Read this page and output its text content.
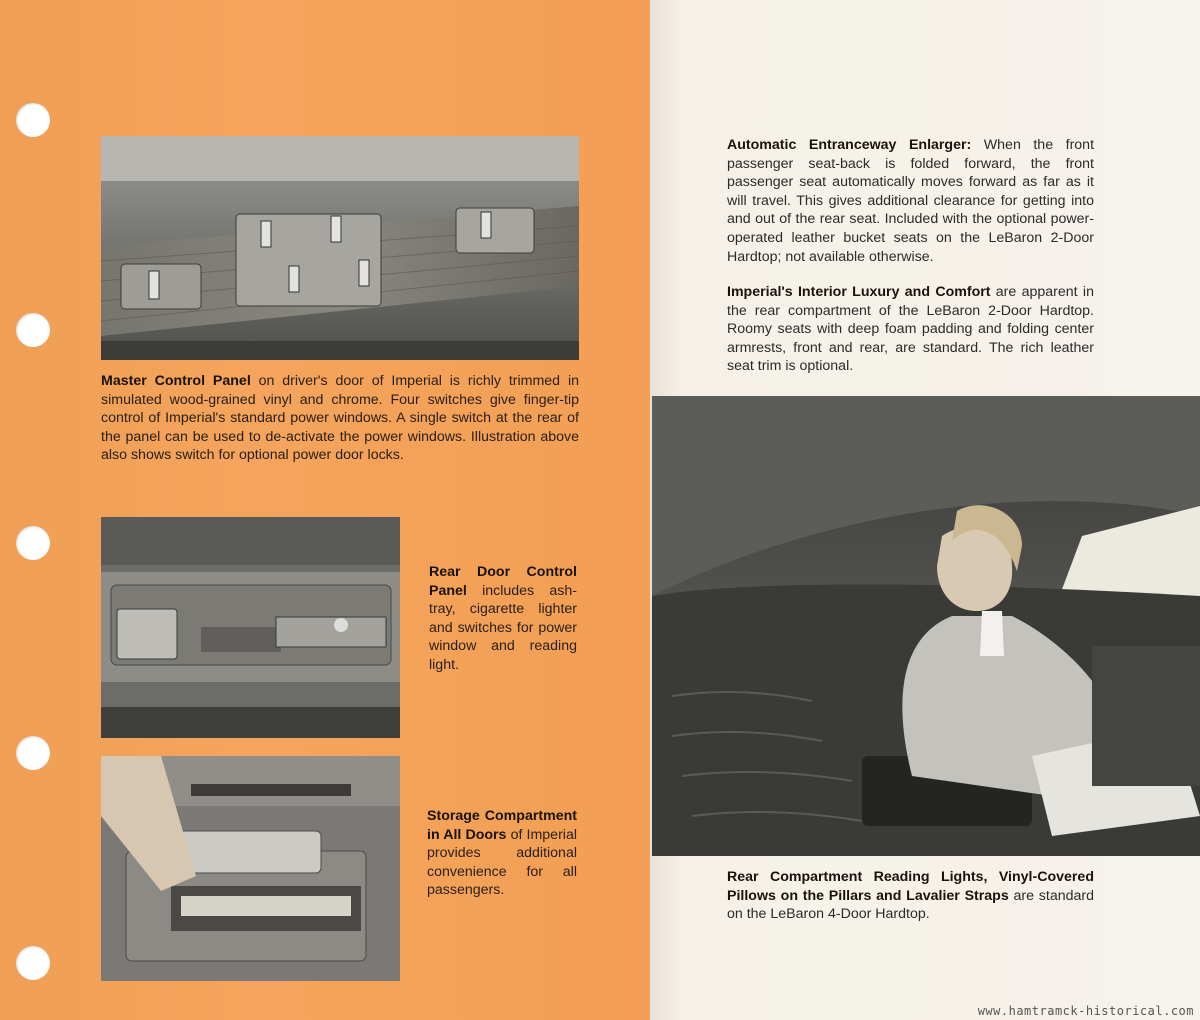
Master Control Panel on driver's door of Imperial is richly trimmed in simulated wood-grained vinyl and chrome. Four switches give finger-tip control of Imperial's standard power windows. A single switch at the rear of the panel can be used to de-activate the power windows. Illustration above also shows switch for optional power door locks.
Rear Door Control Panel includes ash-tray, cigarette lighter and switches for power window and reading light.
Storage Compartment in All Doors of Imperial provides additional convenience for all passengers.
Automatic Entranceway Enlarger: When the front passenger seat-back is folded forward, the front passenger seat automatically moves forward as far as it will travel. This gives additional clearance for getting into and out of the rear seat. Included with the optional power-operated leather bucket seats on the LeBaron 2-Door Hardtop; not available otherwise.
Imperial's Interior Luxury and Comfort are apparent in the rear compartment of the LeBaron 2-Door Hardtop. Roomy seats with deep foam padding and folding center armrests, front and rear, are standard. The rich leather seat trim is optional.
Rear Compartment Reading Lights, Vinyl-Covered Pillows on the Pillars and Lavalier Straps are standard on the LeBaron 4-Door Hardtop.
www.hamtramck-historical.com
